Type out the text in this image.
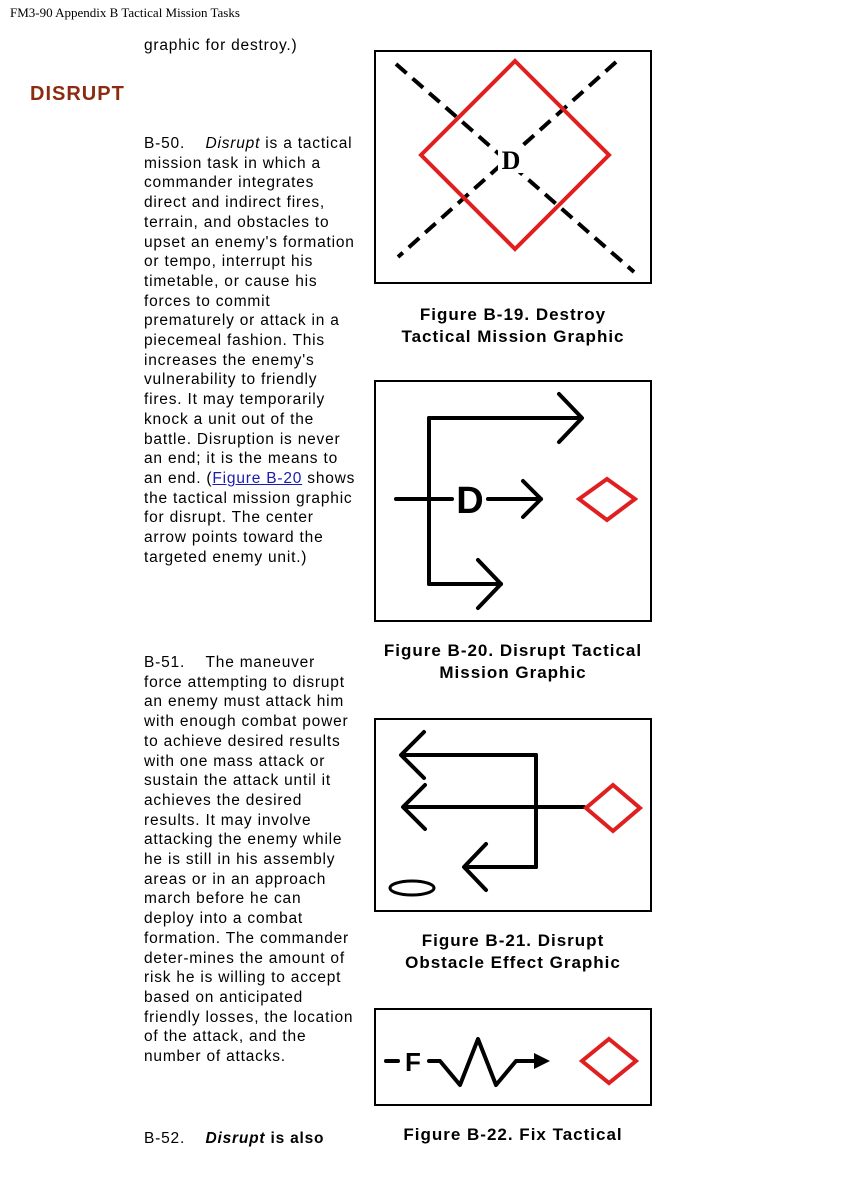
FM3-90 Appendix B Tactical Mission Tasks
graphic for destroy.)
DISRUPT
B-50. Disrupt is a tactical mission task in which a commander integrates direct and indirect fires, terrain, and obstacles to upset an enemy's formation or tempo, interrupt his timetable, or cause his forces to commit prematurely or attack in a piecemeal fashion. This increases the enemy's vulnerability to friendly fires. It may temporarily knock a unit out of the battle. Disruption is never an end; it is the means to an end. (Figure B-20 shows the tactical mission graphic for disrupt. The center arrow points toward the targeted enemy unit.)
B-51. The maneuver force attempting to disrupt an enemy must attack him with enough combat power to achieve desired results with one mass attack or sustain the attack until it achieves the desired results. It may involve attacking the enemy while he is still in his assembly areas or in an approach march before he can deploy into a combat formation. The commander deter-mines the amount of risk he is willing to accept based on anticipated friendly losses, the location of the attack, and the number of attacks.
B-52. Disrupt is also
D
Figure B-19. Destroy
Tactical Mission Graphic
D
Figure B-20. Disrupt Tactical
Mission Graphic
Figure B-21. Disrupt
Obstacle Effect Graphic
F
Figure B-22. Fix Tactical
